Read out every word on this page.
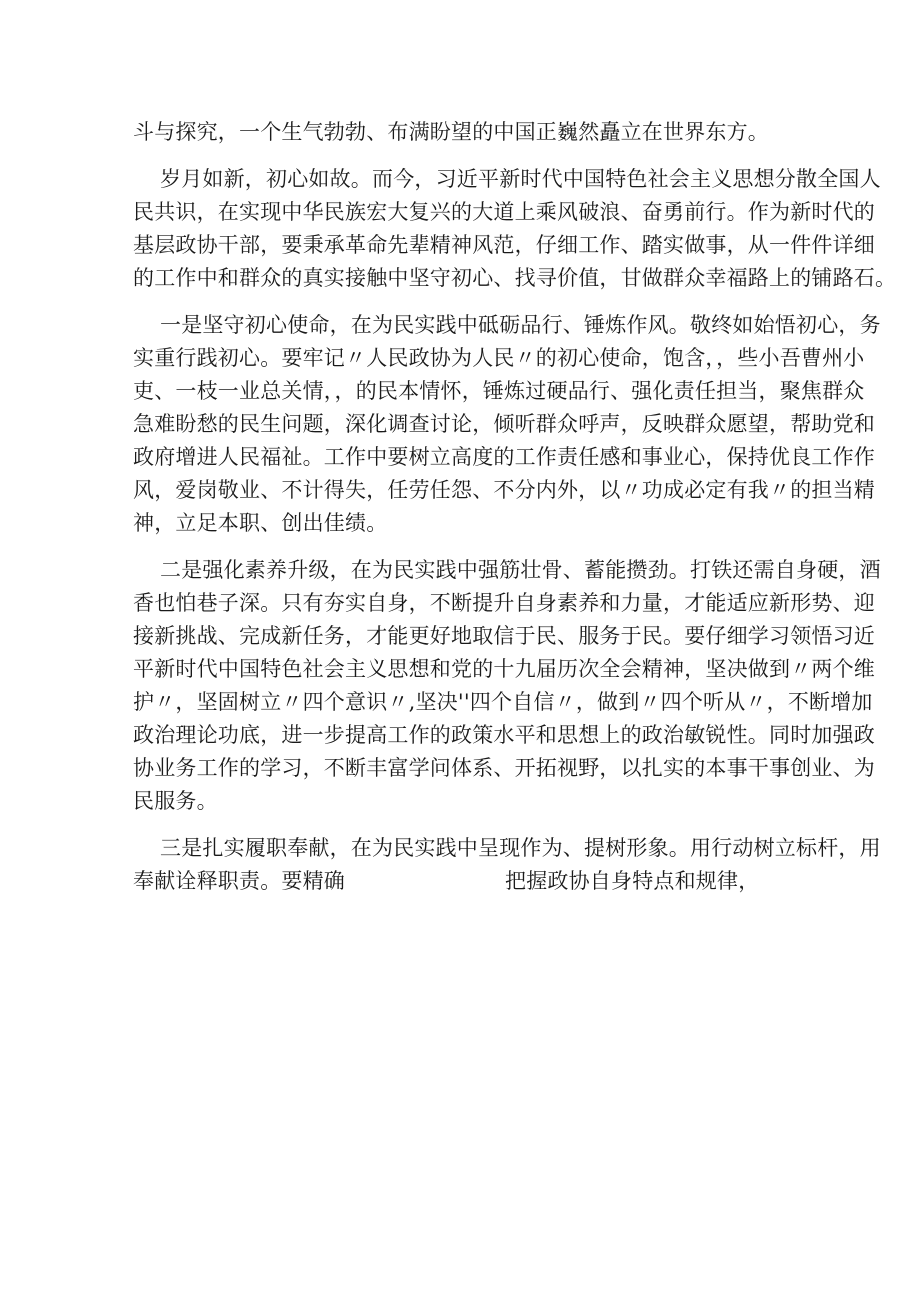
斗与探究，一个生气勃勃、布满盼望的中国正巍然矗立在世界东方。
岁月如新，初心如故。而今，习近平新时代中国特色社会主义思想分散全国人
民共识，在实现中华民族宏大复兴的大道上乘风破浪、奋勇前行。作为新时代的
基层政协干部，要秉承革命先辈精神风范，仔细工作、踏实做事，从一件件详细
的工作中和群众的真实接触中坚守初心、找寻价值，甘做群众幸福路上的铺路石。
一是坚守初心使命，在为民实践中砥砺品行、锤炼作风。敬终如始悟初心，务
实重行践初心。要牢记〃人民政协为人民〃的初心使命，饱含，，些小吾曹州小
吏、一枝一业总关情，，的民本情怀，锤炼过硬品行、强化责任担当，聚焦群众
急难盼愁的民生问题，深化调查讨论，倾听群众呼声，反映群众愿望，帮助党和
政府增进人民福祉。工作中要树立高度的工作责任感和事业心，保持优良工作作
风，爱岗敬业、不计得失，任劳任怨、不分内外，以〃功成必定有我〃的担当精
神，立足本职、创出佳绩。
二是强化素养升级，在为民实践中强筋壮骨、蓄能攒劲。打铁还需自身硬，酒
香也怕巷子深。只有夯实自身，不断提升自身素养和力量，才能适应新形势、迎
接新挑战、完成新任务，才能更好地取信于民、服务于民。要仔细学习领悟习近
平新时代中国特色社会主义思想和党的十九届历次全会精神，坚决做到〃两个维
护〃，坚固树立〃四个意识〃,坚决''四个自信〃，做到〃四个听从〃，不断增加
政治理论功底，进一步提高工作的政策水平和思想上的政治敏锐性。同时加强政
协业务工作的学习，不断丰富学问体系、开拓视野，以扎实的本事干事创业、为
民服务。
三是扎实履职奉献，在为民实践中呈现作为、提树形象。用行动树立标杆，用
奉献诠释职责。要精确	把握政协自身特点和规律，
